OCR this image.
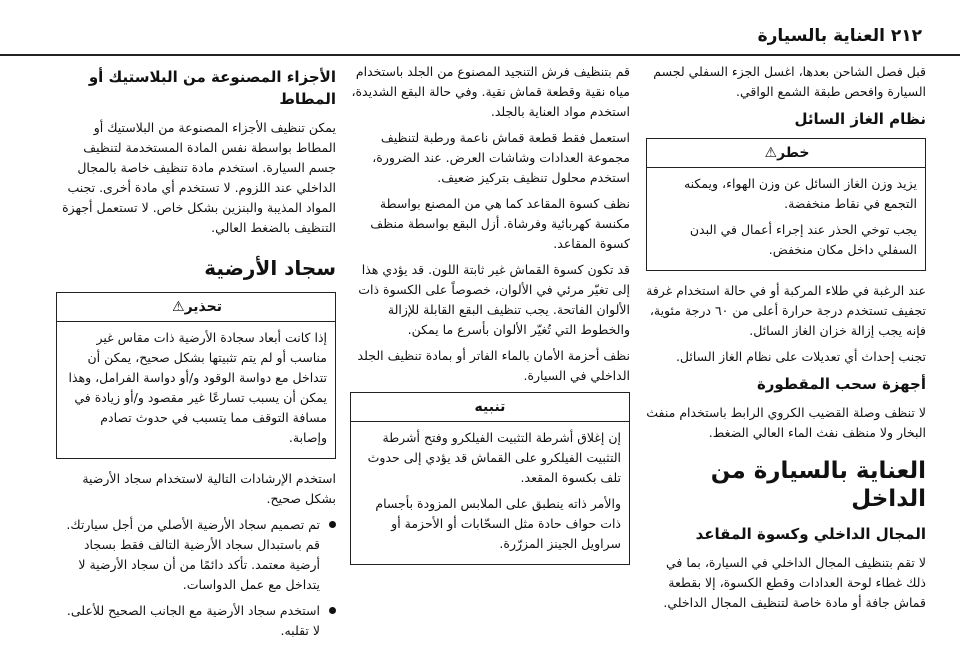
٢١٢ العناية بالسيارة

قبل فصل الشاحن بعدها، اغسل الجزء السفلي لجسم السيارة وافحص طبقة الشمع الواقي.

نظام الغاز السائل
خطر⚠

يزيد وزن الغاز السائل عن وزن الهواء، ويمكنه التجمع في نقاط منخفضة.

يجب توخي الحذر عند إجراء أعمال في البدن السفلي داخل مكان منخفض.

عند الرغبة في طلاء المركبة أو في حالة استخدام غرفة تجفيف تستخدم درجة حرارة أعلى من ٦٠ درجة مئوية، فإنه يجب إزالة خزان الغاز السائل.

تجنب إحداث أي تعديلات على نظام الغاز السائل.

أجهزة سحب المقطورة

لا تنظف وصلة القضيب الكروي الرابط باستخدام منفث البخار ولا منظف نفث الماء العالي الضغط.

العناية بالسيارة من الداخل
المجال الداخلي وكسوة المقاعد

لا تقم بتنظيف المجال الداخلي في السيارة، بما في ذلك غطاء لوحة العدادات وقطع الكسوة، إلا بقطعة قماش جافة أو مادة خاصة لتنظيف المجال الداخلي.

قم بتنظيف فرش التنجيد المصنوع من الجلد باستخدام مياه نقية وقطعة قماش نقية. وفي حالة البقع الشديدة، استخدم مواد العناية بالجلد.

استعمل فقط قطعة قماش ناعمة ورطبة لتنظيف مجموعة العدادات وشاشات العرض. عند الضرورة، استخدم محلول تنظيف بتركيز ضعيف.

نظف كسوة المقاعد كما هي من المصنع بواسطة مكنسة كهربائية وفرشاة. أزل البقع بواسطة منظف كسوة المقاعد.

قد تكون كسوة القماش غير ثابتة اللون. قد يؤدي هذا إلى تغيّر مرئي في الألوان، خصوصاً على الكسوة ذات الألوان الفاتحة. يجب تنظيف البقع القابلة للإزالة والخطوط التي تُغيّر الألوان بأسرع ما يمكن.

نظف أحزمة الأمان بالماء الفاتر أو بمادة تنظيف الجلد الداخلي في السيارة.

تنبيه

إن إغلاق أشرطة التثبيت الفيلكرو وفتح أشرطة التثبيت الفيلكرو على القماش قد يؤدي إلى حدوث تلف بكسوة المقعد.

والأمر ذاته ينطبق على الملابس المزودة بأجسام ذات حواف حادة مثل السحّابات أو الأحزمة أو سراويل الجينز المزرّرة.

الأجزاء المصنوعة من البلاستيك أو المطاط

يمكن تنظيف الأجزاء المصنوعة من البلاستيك أو المطاط بواسطة نفس المادة المستخدمة لتنظيف جسم السيارة. استخدم مادة تنظيف خاصة بالمجال الداخلي عند اللزوم. لا تستخدم أي مادة أخرى. تجنب المواد المذيبة والبنزين بشكل خاص. لا تستعمل أجهزة التنظيف بالضغط العالي.

سجاد الأرضية
تحذير⚠

إذا كانت أبعاد سجادة الأرضية ذات مقاس غير مناسب أو لم يتم تثبيتها بشكل صحيح، يمكن أن تتداخل مع دواسة الوقود و/أو دواسة الفرامل، وهذا يمكن أن يسبب تسارعًا غير مقصود و/أو زيادة في مسافة التوقف مما يتسبب في حدوث تصادم وإصابة.

استخدم الإرشادات التالية لاستخدام سجاد الأرضية بشكل صحيح.

تم تصميم سجاد الأرضية الأصلي من أجل سيارتك. قم باستبدال سجاد الأرضية التالف فقط بسجاد أرضية معتمد. تأكد دائمًا من أن سجاد الأرضية لا يتداخل مع عمل الدواسات.
استخدم سجاد الأرضية مع الجانب الصحيح للأعلى. لا تقلبه.
